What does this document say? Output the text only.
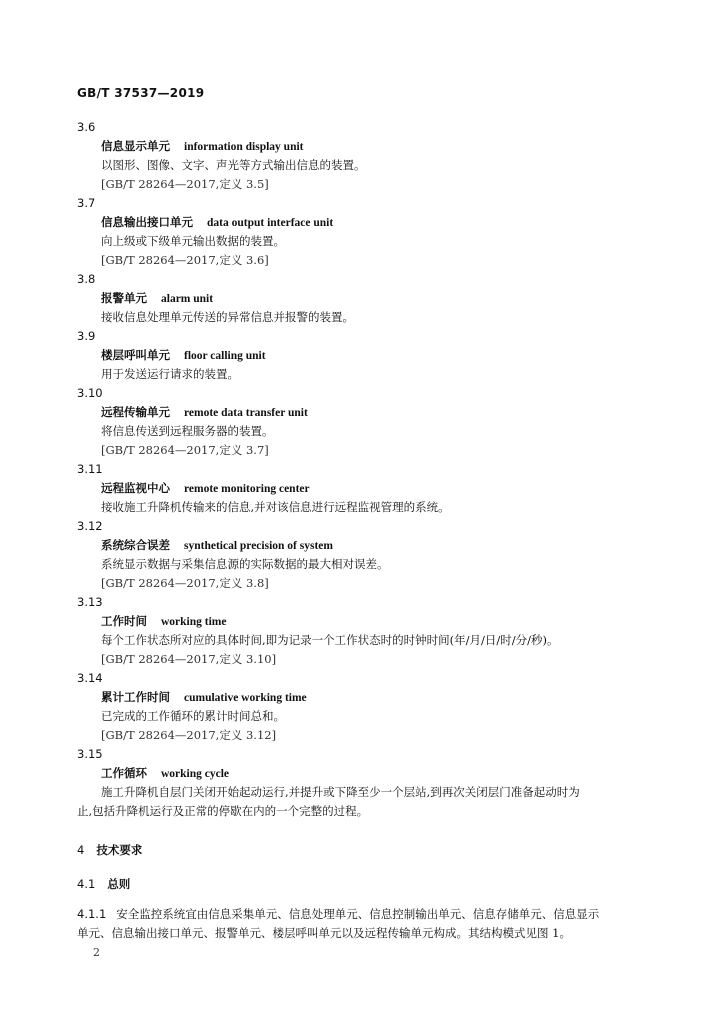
GB/T 37537—2019
3.6
信息显示单元 information display unit
以图形、图像、文字、声光等方式输出信息的装置。
[GB/T 28264—2017,定义 3.5]
3.7
信息输出接口单元 data output interface unit
向上级或下级单元输出数据的装置。
[GB/T 28264—2017,定义 3.6]
3.8
报警单元 alarm unit
接收信息处理单元传送的异常信息并报警的装置。
3.9
楼层呼叫单元 floor calling unit
用于发送运行请求的装置。
3.10
远程传输单元 remote data transfer unit
将信息传送到远程服务器的装置。
[GB/T 28264—2017,定义 3.7]
3.11
远程监视中心 remote monitoring center
接收施工升降机传输来的信息,并对该信息进行远程监视管理的系统。
3.12
系统综合误差 synthetical precision of system
系统显示数据与采集信息源的实际数据的最大相对误差。
[GB/T 28264—2017,定义 3.8]
3.13
工作时间 working time
每个工作状态所对应的具体时间,即为记录一个工作状态时的时钟时间(年/月/日/时/分/秒)。
[GB/T 28264—2017,定义 3.10]
3.14
累计工作时间 cumulative working time
已完成的工作循环的累计时间总和。
[GB/T 28264—2017,定义 3.12]
3.15
工作循环 working cycle
施工升降机自层门关闭开始起动运行,并提升或下降至少一个层站,到再次关闭层门准备起动时为
止,包括升降机运行及正常的停歇在内的一个完整的过程。
4 技术要求
4.1 总则
4.1.1 安全监控系统宜由信息采集单元、信息处理单元、信息控制输出单元、信息存储单元、信息显示
单元、信息输出接口单元、报警单元、楼层呼叫单元以及远程传输单元构成。其结构模式见图 1。
2
